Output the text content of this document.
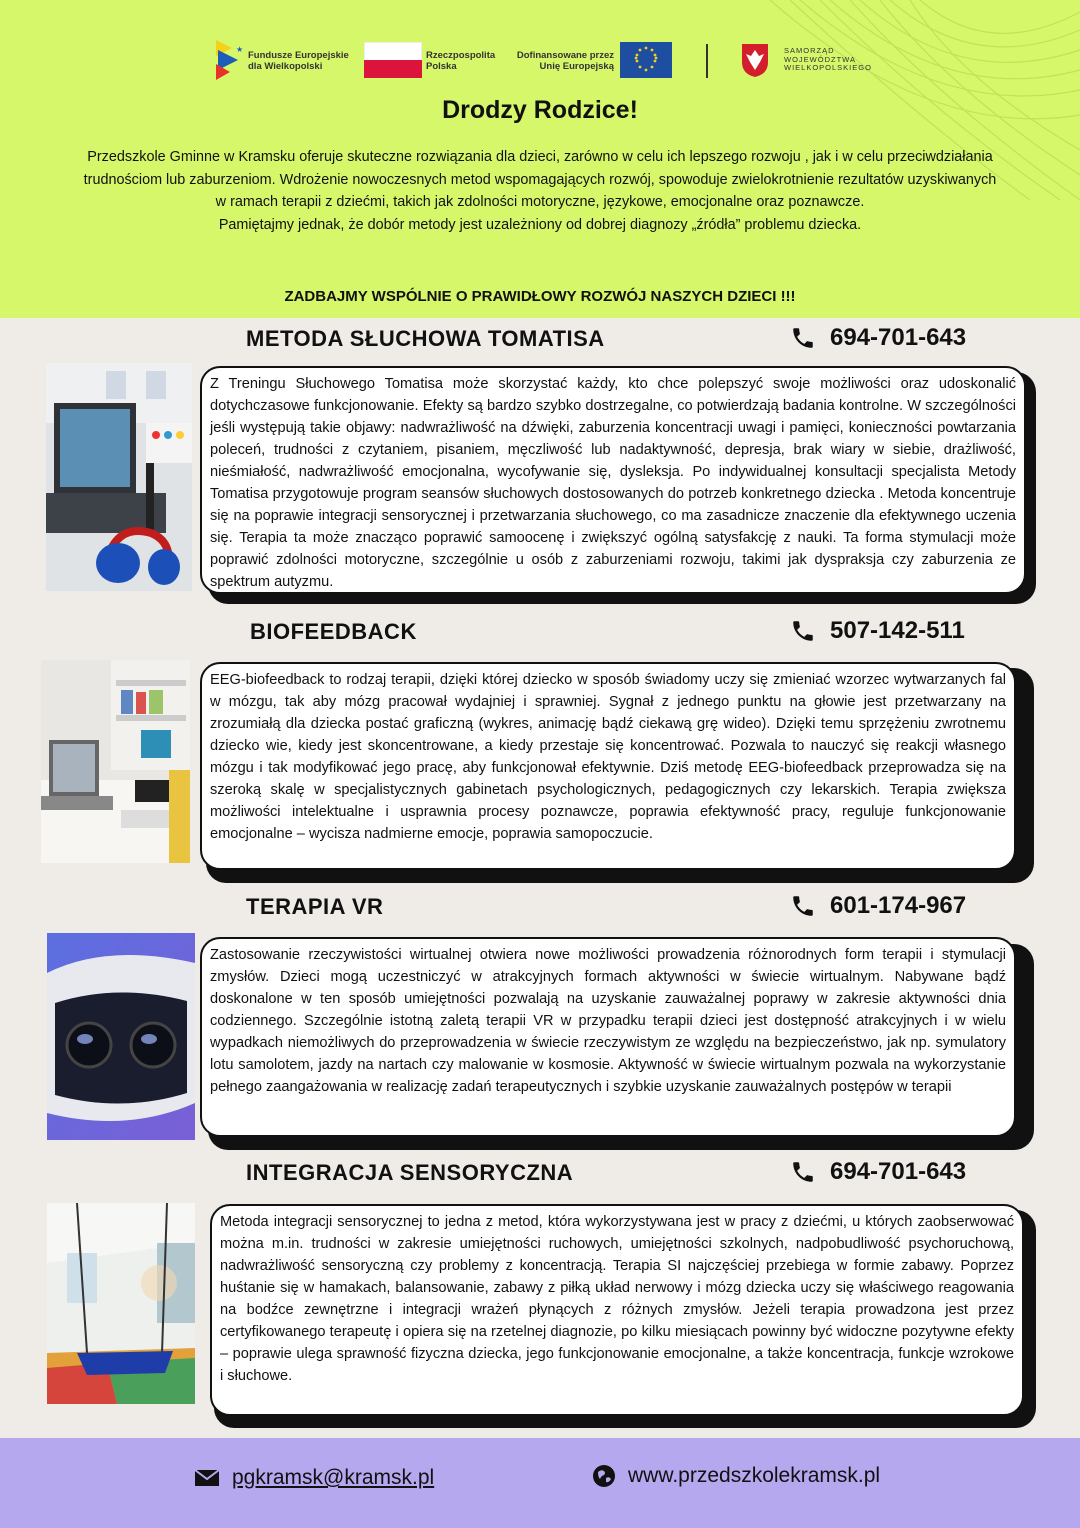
★
Fundusze Europejskie dla Wielkopolski
Rzeczpospolita Polska
Dofinansowane przez Unię Europejską
SAMORZĄD WOJEWÓDZTWA WIELKOPOLSKIEGO
Drodzy Rodzice!

Przedszkole Gminne w Kramsku oferuje skuteczne rozwiązania dla dzieci, zarówno w celu ich lepszego rozwoju , jak i w celu przeciwdziałania trudnościom lub zaburzeniom. Wdrożenie nowoczesnych metod wspomagających rozwój, spowoduje zwielokrotnienie rezultatów uzyskiwanych w ramach terapii z dziećmi, takich jak zdolności motoryczne, językowe, emocjonalne oraz poznawcze.

Pamiętajmy jednak, że dobór metody jest uzależniony od dobrej diagnozy „źródła” problemu dziecka.

ZADBAJMY WSPÓLNIE O PRAWIDŁOWY ROZWÓJ NASZYCH DZIECI !!!
METODA SŁUCHOWA TOMATISA	694-701-643
Z Treningu Słuchowego Tomatisa może skorzystać każdy, kto chce polepszyć swoje możliwości oraz udoskonalić dotychczasowe funkcjonowanie. Efekty są bardzo szybko dostrzegalne, co potwierdzają badania kontrolne. W szczególności jeśli występują takie objawy: nadwrażliwość na dźwięki, zaburzenia koncentracji uwagi i pamięci, konieczności powtarzania poleceń, trudności z czytaniem, pisaniem, męczliwość lub nadaktywność, depresja, brak wiary w siebie, drażliwość, nieśmiałość, nadwrażliwość emocjonalna, wycofywanie się, dysleksja. Po indywidualnej konsultacji specjalista Metody Tomatisa przygotowuje program seansów słuchowych dostosowanych do potrzeb konkretnego dziecka . Metoda koncentruje się na poprawie integracji sensorycznej i przetwarzania słuchowego, co ma zasadnicze znaczenie dla efektywnego uczenia się. Terapia ta może znacząco poprawić samoocenę i zwiększyć ogólną satysfakcję z nauki. Ta forma stymulacji może poprawić zdolności motoryczne, szczególnie u osób z zaburzeniami rozwoju, takimi jak dyspraksja czy zaburzenia ze spektrum autyzmu.
BIOFEEDBACK	507-142-511
EEG-biofeedback to rodzaj terapii, dzięki której dziecko w sposób świadomy uczy się zmieniać wzorzec wytwarzanych fal w mózgu, tak aby mózg pracował wydajniej i sprawniej. Sygnał z jednego punktu na głowie jest przetwarzany na zrozumiałą dla dziecka postać graficzną (wykres, animację bądź ciekawą grę wideo). Dzięki temu sprzężeniu zwrotnemu dziecko wie, kiedy jest skoncentrowane, a kiedy przestaje się koncentrować. Pozwala to nauczyć się reakcji własnego mózgu i tak modyfikować jego pracę, aby funkcjonował efektywnie. Dziś metodę EEG-biofeedback przeprowadza się na szeroką skalę w specjalistycznych gabinetach psychologicznych, pedagogicznych czy lekarskich. Terapia zwiększa możliwości intelektualne i usprawnia procesy poznawcze, poprawia efektywność pracy, reguluje funkcjonowanie emocjonalne – wycisza nadmierne emocje, poprawia samopoczucie.
TERAPIA VR	601-174-967
Zastosowanie rzeczywistości wirtualnej otwiera nowe możliwości prowadzenia różnorodnych form terapii i stymulacji zmysłów. Dzieci mogą uczestniczyć w atrakcyjnych formach aktywności w świecie wirtualnym. Nabywane bądź doskonalone w ten sposób umiejętności pozwalają na uzyskanie zauważalnej poprawy w zakresie aktywności dnia codziennego. Szczególnie istotną zaletą terapii VR w przypadku terapii dzieci jest dostępność atrakcyjnych i w wielu wypadkach niemożliwych do przeprowadzenia w świecie rzeczywistym ze względu na bezpieczeństwo, jak np. symulatory lotu samolotem, jazdy na nartach czy malowanie w kosmosie. Aktywność w świecie wirtualnym pozwala na wykorzystanie pełnego zaangażowania w realizację zadań terapeutycznych i szybkie uzyskanie zauważalnych postępów w terapii
INTEGRACJA SENSORYCZNA	694-701-643
Metoda integracji sensorycznej to jedna z metod, która wykorzystywana jest w pracy z dziećmi, u których zaobserwować można m.in. trudności w zakresie umiejętności ruchowych, umiejętności szkolnych, nadpobudliwość psychoruchową, nadwrażliwość sensoryczną czy problemy z koncentracją. Terapia SI najczęściej przebiega w formie zabawy. Poprzez huśtanie się w hamakach, balansowanie, zabawy z piłką układ nerwowy i mózg dziecka uczy się właściwego reagowania na bodźce zewnętrzne i integracji wrażeń płynących z różnych zmysłów. Jeżeli terapia prowadzona jest przez certyfikowanego terapeutę i opiera się na rzetelnej diagnozie, po kilku miesiącach powinny być widoczne pozytywne efekty – poprawie ulega sprawność fizyczna dziecka, jego funkcjonowanie emocjonalne, a także koncentracja, funkcje wzrokowe i słuchowe.
pgkramsk@kramsk.pl	www.przedszkolekramsk.pl
